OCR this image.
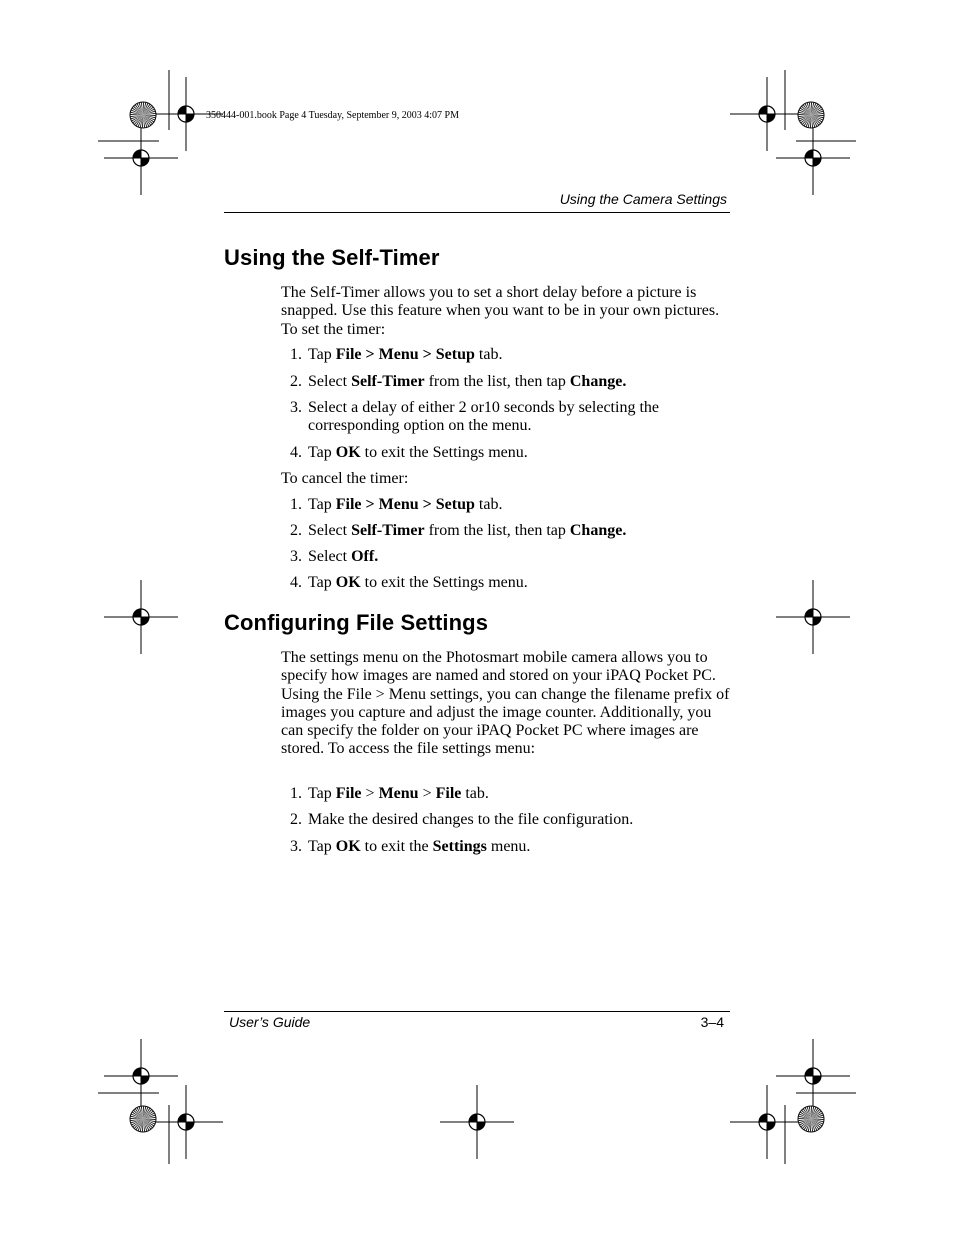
350444-001.book Page 4 Tuesday, September 9, 2003 4:07 PM
Using the Camera Settings
Using the Self-Timer
The Self-Timer allows you to set a short delay before a picture is snapped. Use this feature when you want to be in your own pictures. To set the timer:
1. Tap File > Menu > Setup tab.
2. Select Self-Timer from the list, then tap Change.
3. Select a delay of either 2 or10 seconds by selecting the corresponding option on the menu.
4. Tap OK to exit the Settings menu.
To cancel the timer:
1. Tap File > Menu > Setup tab.
2. Select Self-Timer from the list, then tap Change.
3. Select Off.
4. Tap OK to exit the Settings menu.
Configuring File Settings
The settings menu on the Photosmart mobile camera allows you to specify how images are named and stored on your iPAQ Pocket PC. Using the File > Menu settings, you can change the filename prefix of images you capture and adjust the image counter. Additionally, you can specify the folder on your iPAQ Pocket PC where images are stored. To access the file settings menu:
1. Tap File > Menu > File tab.
2. Make the desired changes to the file configuration.
3. Tap OK to exit the Settings menu.
User’s Guide	3–4
